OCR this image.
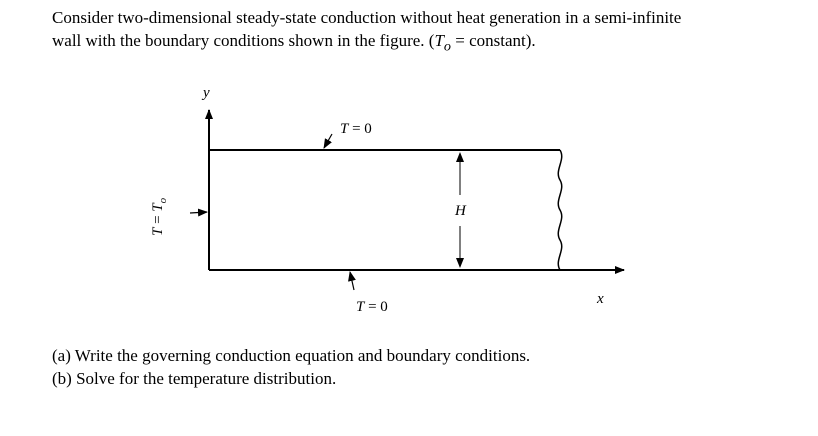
Consider two-dimensional steady-state conduction without heat generation in a semi-infinite
wall with the boundary conditions shown in the figure. ($T_o$ = constant).
y
x
T = 0
T = 0
$T = T_o$
H
(a) Write the governing conduction equation and boundary conditions.
(b) Solve for the temperature distribution.
